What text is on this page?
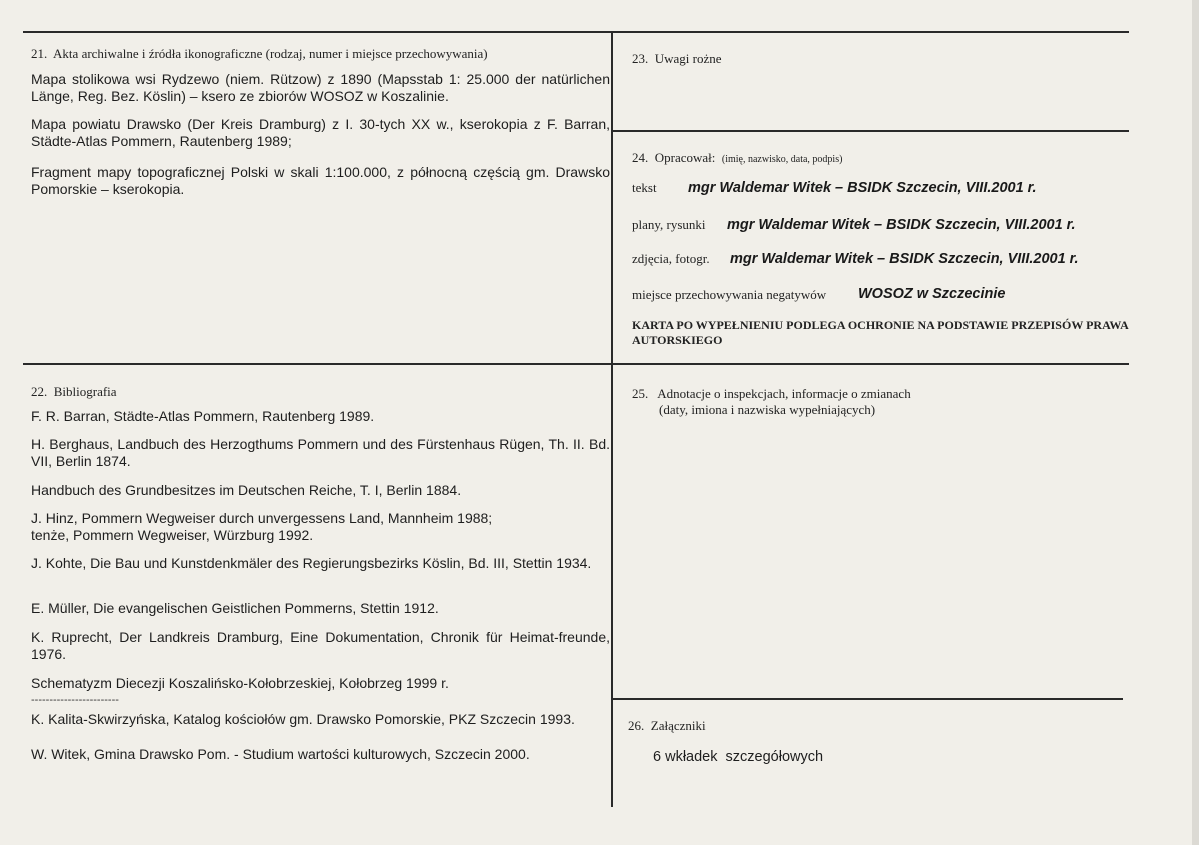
21. Akta archiwalne i źródła ikonograficzne (rodzaj, numer i miejsce przechowywania)
Mapa stolikowa wsi Rydzewo (niem. Rützow) z 1890 (Mapsstab 1: 25.000 der natürlichen Länge, Reg. Bez. Köslin) – ksero ze zbiorów WOSOZ w Koszalinie.
Mapa powiatu Drawsko (Der Kreis Dramburg) z I. 30-tych XX w., kserokopia z F. Barran, Städte-Atlas Pommern, Rautenberg 1989;
Fragment mapy topograficznej Polski w skali 1:100.000, z północną częścią gm. Drawsko Pomorskie – kserokopia.
23. Uwagi rożne
24. Opracował: (imię, nazwisko, data, podpis)
tekst mgr Waldemar Witek – BSIDK Szczecin, VIII.2001 r.
plany, rysunki mgr Waldemar Witek – BSIDK Szczecin, VIII.2001 r.
zdjęcia, fotogr. mgr Waldemar Witek – BSIDK Szczecin, VIII.2001 r.
miejsce przechowywania negatywów WOSOZ w Szczecinie
KARTA PO WYPEŁNIENIU PODLEGA OCHRONIE NA PODSTAWIE PRZEPISÓW PRAWA AUTORSKIEGO
22. Bibliografia
F. R. Barran, Städte-Atlas Pommern, Rautenberg 1989.
H. Berghaus, Landbuch des Herzogthums Pommern und des Fürstenhaus Rügen, Th. II. Bd. VII, Berlin 1874.
Handbuch des Grundbesitzes im Deutschen Reiche, T. I, Berlin 1884.
J. Hinz, Pommern Wegweiser durch unvergessens Land, Mannheim 1988;
tenże, Pommern Wegweiser, Würzburg 1992.
J. Kohte, Die Bau und Kunstdenkmäler des Regierungsbezirks Köslin, Bd. III, Stettin 1934.
E. Müller, Die evangelischen Geistlichen Pommerns, Stettin 1912.
K. Ruprecht, Der Landkreis Dramburg, Eine Dokumentation, Chronik für Heimat-freunde, 1976.
Schematyzm Diecezji Koszalińsko-Kołobrzeskiej, Kołobrzeg 1999 r.
------------------------
K. Kalita-Skwirzyńska, Katalog kościołów gm. Drawsko Pomorskie, PKZ Szczecin 1993.
W. Witek, Gmina Drawsko Pom. - Studium wartości kulturowych, Szczecin 2000.
25. Adnotacje o inspekcjach, informacje o zmianach
(daty, imiona i nazwiska wypełniających)
26. Załączniki
6 wkładek  szczegółowych
